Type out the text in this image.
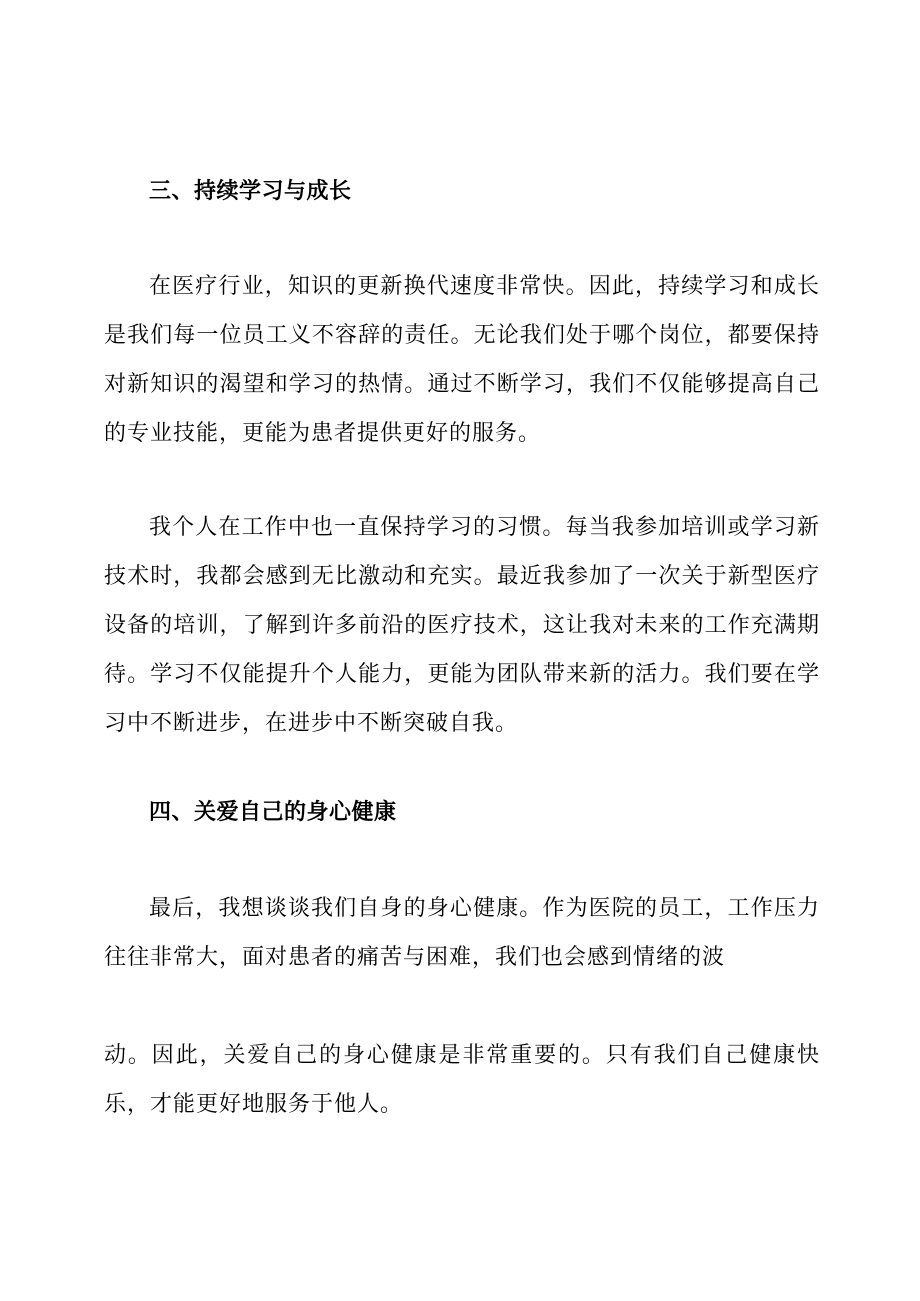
三、持续学习与成长

在医疗行业，知识的更新换代速度非常快。因此，持续学习和成长是我们每一位员工义不容辞的责任。无论我们处于哪个岗位，都要保持对新知识的渴望和学习的热情。通过不断学习，我们不仅能够提高自己的专业技能，更能为患者提供更好的服务。

我个人在工作中也一直保持学习的习惯。每当我参加培训或学习新技术时，我都会感到无比激动和充实。最近我参加了一次关于新型医疗设备的培训，了解到许多前沿的医疗技术，这让我对未来的工作充满期待。学习不仅能提升个人能力，更能为团队带来新的活力。我们要在学习中不断进步，在进步中不断突破自我。

四、关爱自己的身心健康

最后，我想谈谈我们自身的身心健康。作为医院的员工，工作压力往往非常大，面对患者的痛苦与困难，我们也会感到情绪的波

动。因此，关爱自己的身心健康是非常重要的。只有我们自己健康快乐，才能更好地服务于他人。
